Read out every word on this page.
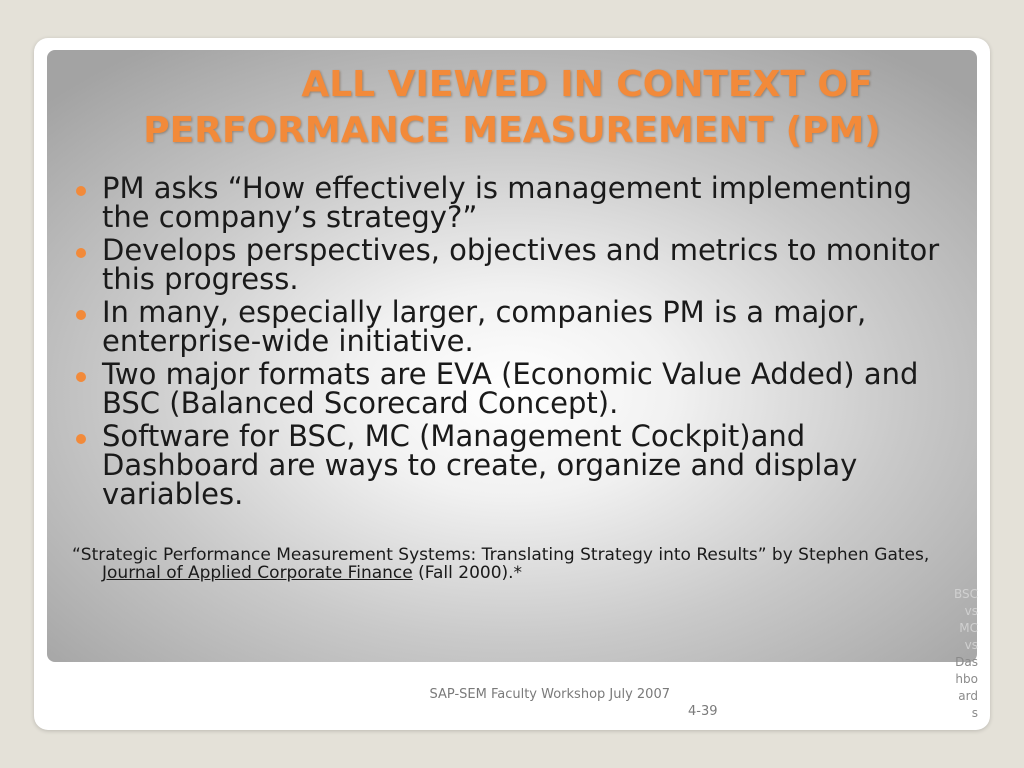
ALL VIEWED IN CONTEXT OF
PERFORMANCE MEASUREMENT (PM)
PM asks “How effectively is management implementing the company’s strategy?”
Develops perspectives, objectives and metrics to monitor this progress.
In many, especially larger, companies PM is a major, enterprise-wide initiative.
Two major formats are EVA (Economic Value Added) and BSC (Balanced Scorecard Concept).
Software for BSC, MC (Management Cockpit)and Dashboard are ways to create, organize and display variables.
“Strategic Performance Measurement Systems: Translating Strategy into Results” by Stephen Gates, Journal of Applied Corporate Finance (Fall 2000).*
SAP-SEM Faculty Workshop July 2007
4-39
BSC
vs
MC
vs
Das
hbo
ard
s
